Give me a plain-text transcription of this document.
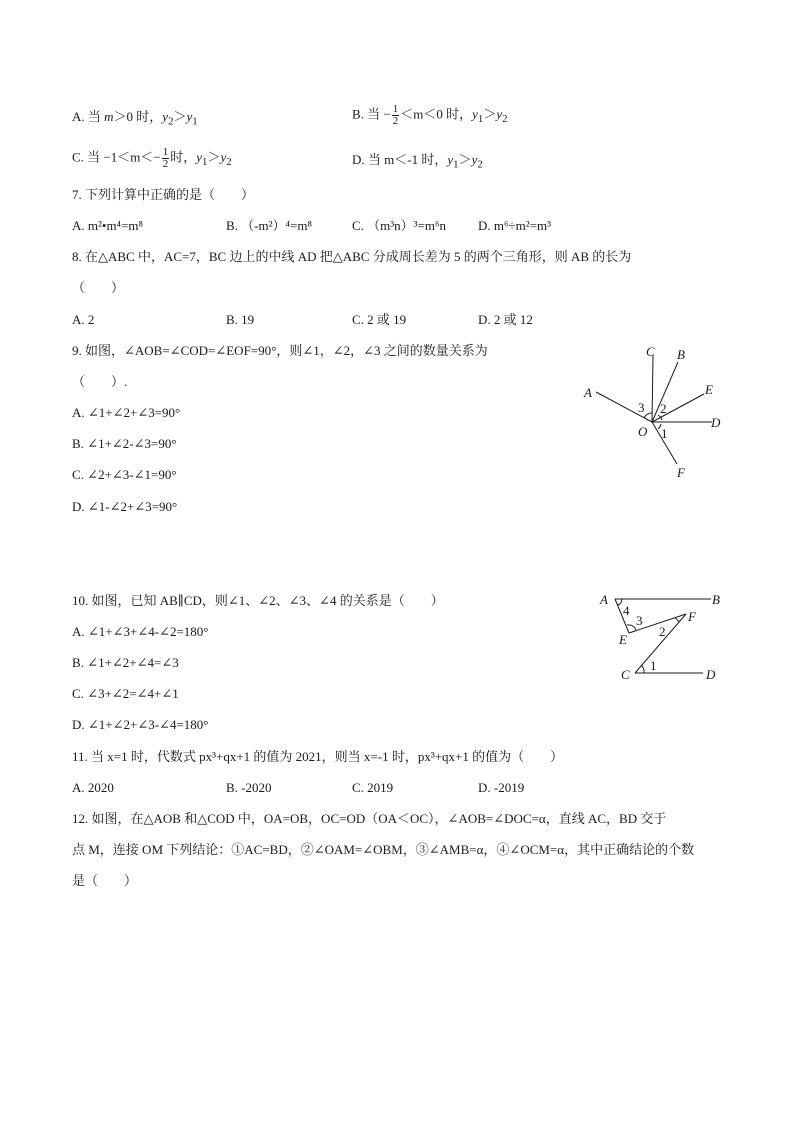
A. 当 m＞0 时，$y_2>y_1$
B. 当 − $\frac{1}{2} <m<0$ 时，$y_1>y_2$
C. 当 $-1<m<- \frac{1}{2}$ 时，$y_1>y_2$	D. 当 m＜-1 时，$y_1>y_2$
7. 下列计算中正确的是（　　）
A. m²•m⁴=m⁸	B. （-m²）⁴=m⁸	C. （m³n）³=m⁶n D. m⁶÷m²=m³
8. 在△ABC 中，AC=7，BC 边上的中线 AD 把△ABC 分成周长差为 5 的两个三角形，则 AB 的长为
（　　）
A. 2	B. 19	C. 2 或 19	D. 2 或 12
9. 如图，∠AOB=∠COD=∠EOF=90°，则∠1，∠2，∠3 之间的数量关系为
（　　）.
A. ∠1+∠2+∠3=90°
B. ∠1+∠2-∠3=90°
C. ∠2+∠3-∠1=90°
D. ∠1-∠2+∠3=90°
C B
E
A
D
O
F
1
2
3
10. 如图，已知 AB∥CD，则∠1、∠2、∠3、∠4 的关系是（　　）
A. ∠1+∠3+∠4-∠2=180°
B. ∠1+∠2+∠4=∠3
C. ∠3+∠2=∠4+∠1
D. ∠1+∠2+∠3-∠4=180°
A	B
E
F
C	D
1
2
3
4
11. 当 x=1 时，代数式 px³+qx+1 的值为 2021，则当 x=-1 时，px³+qx+1 的值为（　　）
A. 2020	B. -2020	C. 2019	D. -2019
12. 如图，在△AOB 和△COD 中，OA=OB，OC=OD（OA＜OC），∠AOB=∠DOC=α，直线 AC，BD 交于
点 M，连接 OM 下列结论：①AC=BD，②∠OAM=∠OBM，③∠AMB=α，④∠OCM=α，其中正确结论的个数
是（　　）
